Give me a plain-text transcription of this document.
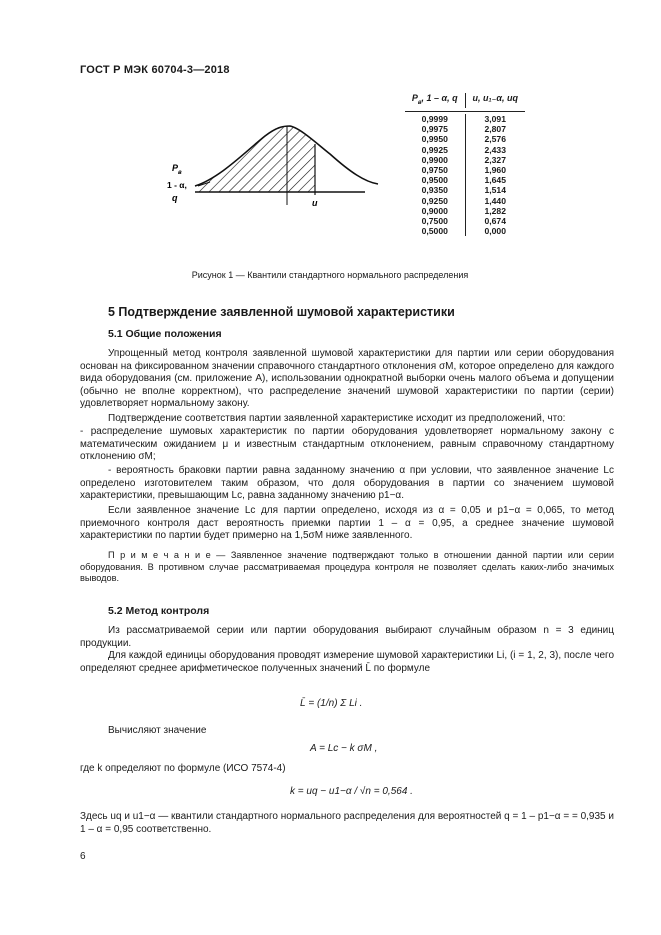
ГОСТ Р МЭК 60704-3—2018
u
$P_в$
1 - α,
q
$P_в$, 1 – α, q	u, u₁₋α, uq
0,9999	3,091
0,9975	2,807
0,9950	2,576
0,9925	2,433
0,9900	2,327
0,9750	1,960
0,9500	1,645
0,9350	1,514
0,9250	1,440
0,9000	1,282
0,7500	0,674
0,5000	0,000
Рисунок 1 — Квантили стандартного нормального распределения
5 Подтверждение заявленной шумовой характеристики
5.1 Общие положения
Упрощенный метод контроля заявленной шумовой характеристики для партии или серии оборудования основан на фиксированном значении справочного стандартного отклонения σM, которое определено для каждого вида оборудования (см. приложение А), использовании однократной выборки очень малого объема и допущении (обычно не вполне корректном), что распределение значений шумовой характеристики по партии (серии) удовлетворяет нормальному закону.
Подтверждение соответствия партии заявленной характеристике исходит из предположений, что:
- распределение шумовых характеристик по партии оборудования удовлетворяет нормальному закону с математическим ожиданием μ и известным стандартным отклонением, равным справочному стандартному отклонению σM;
- вероятность браковки партии равна заданному значению α при условии, что заявленное значение Lc определено изготовителем таким образом, что доля оборудования в партии со значением шумовой характеристики, превышающим Lc, равна заданному значению p1−α.
Если заявленное значение Lc для партии определено, исходя из α = 0,05 и p1−α = 0,065, то метод приемочного контроля даст вероятность приемки партии 1 – α = 0,95, а среднее значение шумовой характеристики по партии будет примерно на 1,5σM ниже заявленного.
П р и м е ч а н и е — Заявленное значение подтверждают только в отношении данной партии или серии оборудования. В противном случае рассматриваемая процедура контроля не позволяет сделать каких-либо значимых выводов.
5.2 Метод контроля
Из рассматриваемой серии или партии оборудования выбирают случайным образом n = 3 единиц продукции.
Для каждой единицы оборудования проводят измерение шумовой характеристики Li, (i = 1, 2, 3), после чего определяют среднее арифметическое полученных значений L̄ по формуле
L̄ = (1/n) Σ Li .
Вычисляют значение
A = Lc − k σM ,
где k определяют по формуле (ИСО 7574-4)
k = uq − u1−α / √n = 0,564 .
Здесь uq и u1−α — квантили стандартного нормального распределения для вероятностей q = 1 – p1−α = = 0,935 и 1 – α = 0,95 соответственно.
6
